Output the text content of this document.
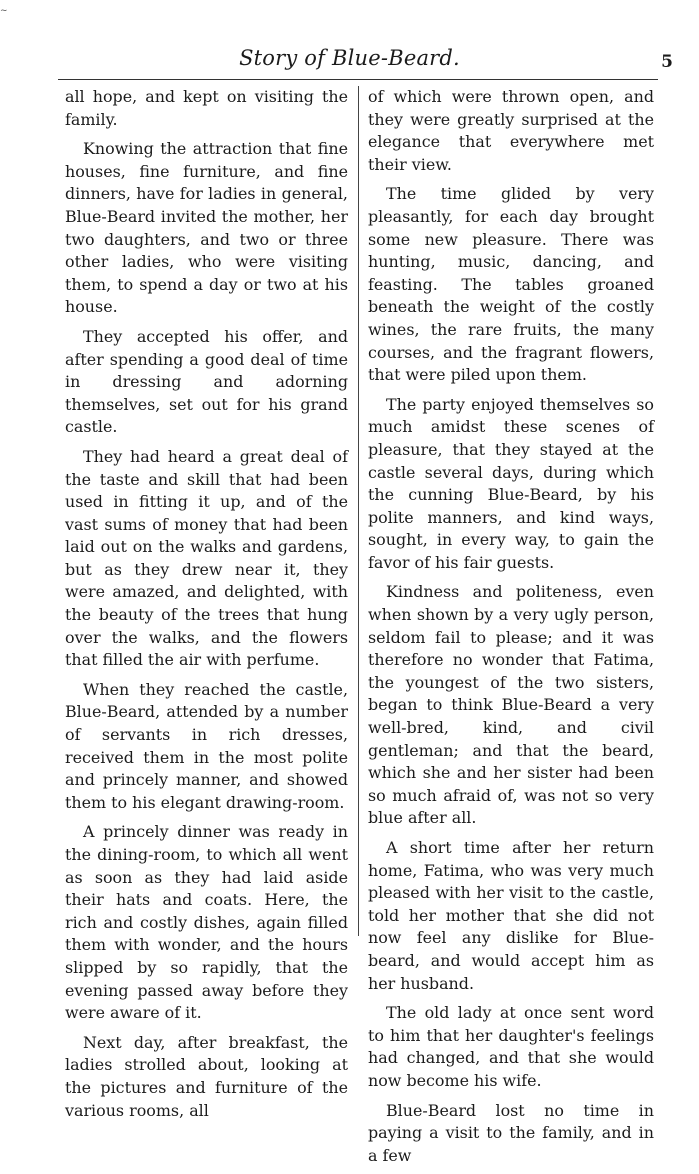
~
Story of Blue-Beard.	5

all hope, and kept on visiting the family.

Knowing the attraction that fine houses, fine furniture, and fine dinners, have for ladies in general, Blue-Beard invited the mother, her two daughters, and two or three other ladies, who were visiting them, to spend a day or two at his house.

They accepted his offer, and after spending a good deal of time in dressing and adorning themselves, set out for his grand castle.

They had heard a great deal of the taste and skill that had been used in fitting it up, and of the vast sums of money that had been laid out on the walks and gardens, but as they drew near it, they were amazed, and delighted, with the beauty of the trees that hung over the walks, and the flowers that filled the air with perfume.

When they reached the castle, Blue-Beard, attended by a number of servants in rich dresses, received them in the most polite and princely manner, and showed them to his elegant drawing-room.

A princely dinner was ready in the dining-room, to which all went as soon as they had laid aside their hats and coats. Here, the rich and costly dishes, again filled them with wonder, and the hours slipped by so rapidly, that the evening passed away before they were aware of it.

Next day, after breakfast, the ladies strolled about, looking at the pictures and furniture of the various rooms, all

of which were thrown open, and they were greatly surprised at the elegance that everywhere met their view.

The time glided by very pleasantly, for each day brought some new pleasure. There was hunting, music, dancing, and feasting. The tables groaned beneath the weight of the costly wines, the rare fruits, the many courses, and the fragrant flowers, that were piled upon them.

The party enjoyed themselves so much amidst these scenes of pleasure, that they stayed at the castle several days, during which the cunning Blue-Beard, by his polite manners, and kind ways, sought, in every way, to gain the favor of his fair guests.

Kindness and politeness, even when shown by a very ugly person, seldom fail to please; and it was therefore no wonder that Fatima, the youngest of the two sisters, began to think Blue-Beard a very well-bred, kind, and civil gentleman; and that the beard, which she and her sister had been so much afraid of, was not so very blue after all.

A short time after her return home, Fatima, who was very much pleased with her visit to the castle, told her mother that she did not now feel any dislike for Blue-beard, and would accept him as her husband.

The old lady at once sent word to him that her daughter's feelings had changed, and that she would now become his wife.

Blue-Beard lost no time in paying a visit to the family, and in a few
